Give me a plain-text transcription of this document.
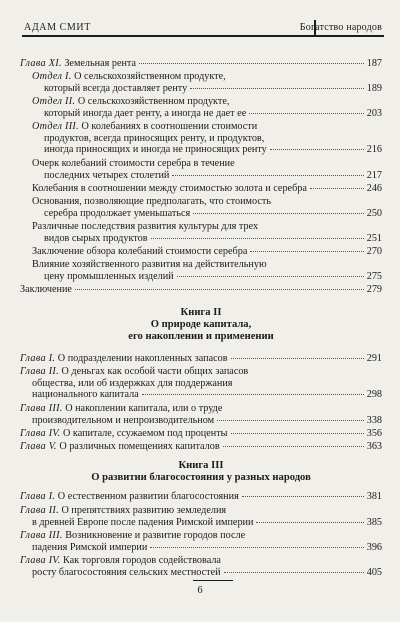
АДАМ СМИТ	Богатство народов
Глава XI. Земельная рента	187
Отдел I. О сельскохозяйственном продукте,
который всегда доставляет ренту	189
Отдел II. О сельскохозяйственном продукте,
который иногда дает ренту, а иногда не дает ее	203
Отдел III. О колебаниях в соотношении стоимости
продуктов, всегда приносящих ренту, и продуктов,
иногда приносящих и иногда не приносящих ренту	216
Очерк колебаний стоимости серебра в течение
последних четырех столетий	217
Колебания в соотношении между стоимостью золота и серебра	246
Основания, позволяющие предполагать, что стоимость
серебра продолжает уменьшаться	250
Различные последствия развития культуры для трех
видов сырых продуктов	251
Заключение обзора колебаний стоимости серебра	270
Влияние хозяйственного развития на действительную
цену промышленных изделий	275
Заключение	279
Книга II
О природе капитала,
его накоплении и применении
Глава I. О подразделении накопленных запасов	291
Глава II. О деньгах как особой части общих запасов
общества, или об издержках для поддержания
национального капитала	298
Глава III. О накоплении капитала, или о труде
производительном и непроизводительном	338
Глава IV. О капитале, ссужаемом под проценты	356
Глава V. О различных помещениях капиталов	363
Книга III
О развитии благосостояния у разных народов
Глава I. О естественном развитии благосостояния	381
Глава II. О препятствиях развитию земледелия
в древней Европе после падения Римской империи	385
Глава III. Возникновение и развитие городов после
падения Римской империи	396
Глава IV. Как торговля городов содействовала
росту благосостояния сельских местностей	405
6
